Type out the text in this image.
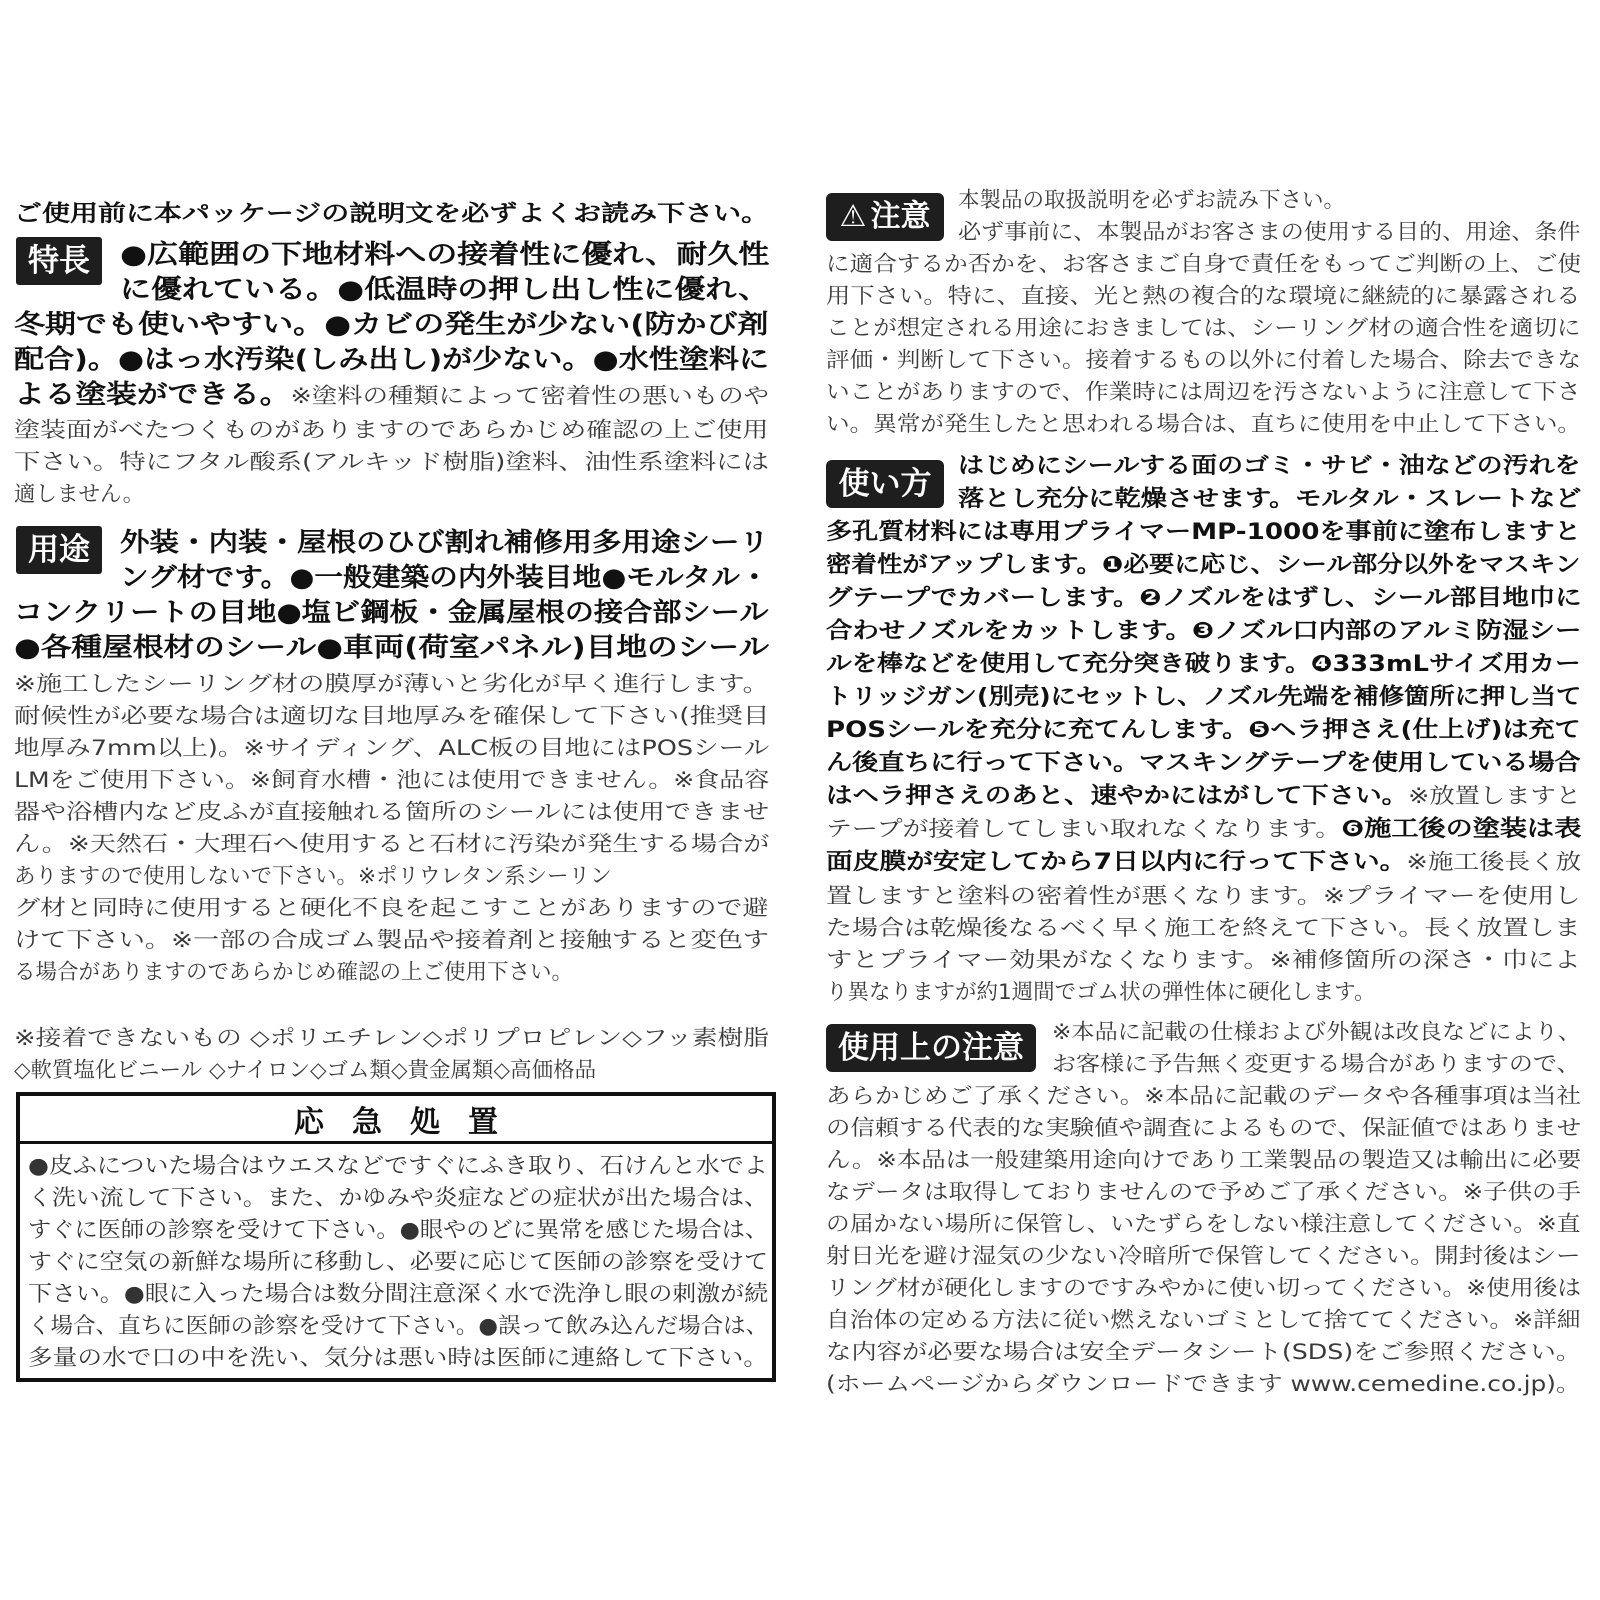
ご使用前に本パッケージの説明文を必ずよくお読み下さい。
特長	●広範囲の下地材料への接着性に優れ、耐久性
に優れている。●低温時の押し出し性に優れ、
冬期でも使いやすい。●カビの発生が少ない(防かび剤
配合)。●はっ水汚染(しみ出し)が少ない。●水性塗料に
よる塗装ができる。※塗料の種類によって密着性の悪いものや
塗装面がべたつくものがありますのであらかじめ確認の上ご使用
下さい。特にフタル酸系(アルキッド樹脂)塗料、油性系塗料には
適しません。
用途	外装・内装・屋根のひび割れ補修用多用途シーリ
ング材です。●一般建築の内外装目地●モルタル・
コンクリートの目地●塩ビ鋼板・金属屋根の接合部シール
●各種屋根材のシール●車両(荷室パネル)目地のシール
※施工したシーリング材の膜厚が薄いと劣化が早く進行します。
耐候性が必要な場合は適切な目地厚みを確保して下さい(推奨目
地厚み7mm以上)。※サイディング、ALC板の目地にはPOSシール
LMをご使用下さい。※飼育水槽・池には使用できません。※食品容
器や浴槽内など皮ふが直接触れる箇所のシールには使用できませ
ん。※天然石・大理石へ使用すると石材に汚染が発生する場合が
ありますので使用しないで下さい。※ポリウレタン系シーリン
グ材と同時に使用すると硬化不良を起こすことがありますので避
けて下さい。※一部の合成ゴム製品や接着剤と接触すると変色す
る場合がありますのであらかじめ確認の上ご使用下さい。
※接着できないもの ◇ポリエチレン◇ポリプロピレン◇フッ素樹脂
◇軟質塩化ビニール ◇ナイロン◇ゴム類◇貴金属類◇高価格品
応急処置
●皮ふについた場合はウエスなどですぐにふき取り、石けんと水でよ
く洗い流して下さい。また、かゆみや炎症などの症状が出た場合は、
すぐに医師の診察を受けて下さい。●眼やのどに異常を感じた場合は、
すぐに空気の新鮮な場所に移動し、必要に応じて医師の診察を受けて
下さい。●眼に入った場合は数分間注意深く水で洗浄し眼の刺激が続
く場合、直ちに医師の診察を受けて下さい。●誤って飲み込んだ場合は、
多量の水で口の中を洗い、気分は悪い時は医師に連絡して下さい。
⚠ 注意 本製品の取扱説明を必ずお読み下さい。
必ず事前に、本製品がお客さまの使用する目的、用途、条件
に適合するか否かを、お客さまご自身で責任をもってご判断の上、ご使
用下さい。特に、直接、光と熱の複合的な環境に継続的に暴露される
ことが想定される用途におきましては、シーリング材の適合性を適切に
評価・判断して下さい。接着するもの以外に付着した場合、除去できな
いことがありますので、作業時には周辺を汚さないように注意して下さ
い。異常が発生したと思われる場合は、直ちに使用を中止して下さい。
使い方	はじめにシールする面のゴミ・サビ・油などの汚れを
落とし充分に乾燥させます。モルタル・スレートなど
多孔質材料には専用プライマーMP-1000を事前に塗布しますと
密着性がアップします。❶必要に応じ、シール部分以外をマスキン
グテープでカバーします。❷ノズルをはずし、シール部目地巾に
合わせノズルをカットします。❸ノズル口内部のアルミ防湿シー
ルを棒などを使用して充分突き破ります。❹333mLサイズ用カー
トリッジガン(別売)にセットし、ノズル先端を補修箇所に押し当て
POSシールを充分に充てんします。❺ヘラ押さえ(仕上げ)は充て
ん後直ちに行って下さい。マスキングテープを使用している場合
はヘラ押さえのあと、速やかにはがして下さい。※放置しますと
テープが接着してしまい取れなくなります。❻施工後の塗装は表
面皮膜が安定してから7日以内に行って下さい。※施工後長く放
置しますと塗料の密着性が悪くなります。※プライマーを使用し
た場合は乾燥後なるべく早く施工を終えて下さい。長く放置しま
すとプライマー効果がなくなります。※補修箇所の深さ・巾によ
り異なりますが約1週間でゴム状の弾性体に硬化します。
使用上の注意	※本品に記載の仕様および外観は改良などにより、
お客様に予告無く変更する場合がありますので、
あらかじめご了承ください。※本品に記載のデータや各種事項は当社
の信頼する代表的な実験値や調査によるもので、保証値ではありませ
ん。※本品は一般建築用途向けであり工業製品の製造又は輸出に必要
なデータは取得しておりませんので予めご了承ください。※子供の手
の届かない場所に保管し、いたずらをしない様注意してください。※直
射日光を避け湿気の少ない冷暗所で保管してください。開封後はシー
リング材が硬化しますのですみやかに使い切ってください。※使用後は
自治体の定める方法に従い燃えないゴミとして捨ててください。※詳細
な内容が必要な場合は安全データシート(SDS)をご参照ください。
(ホームページからダウンロードできます www.cemedine.co.jp)。
